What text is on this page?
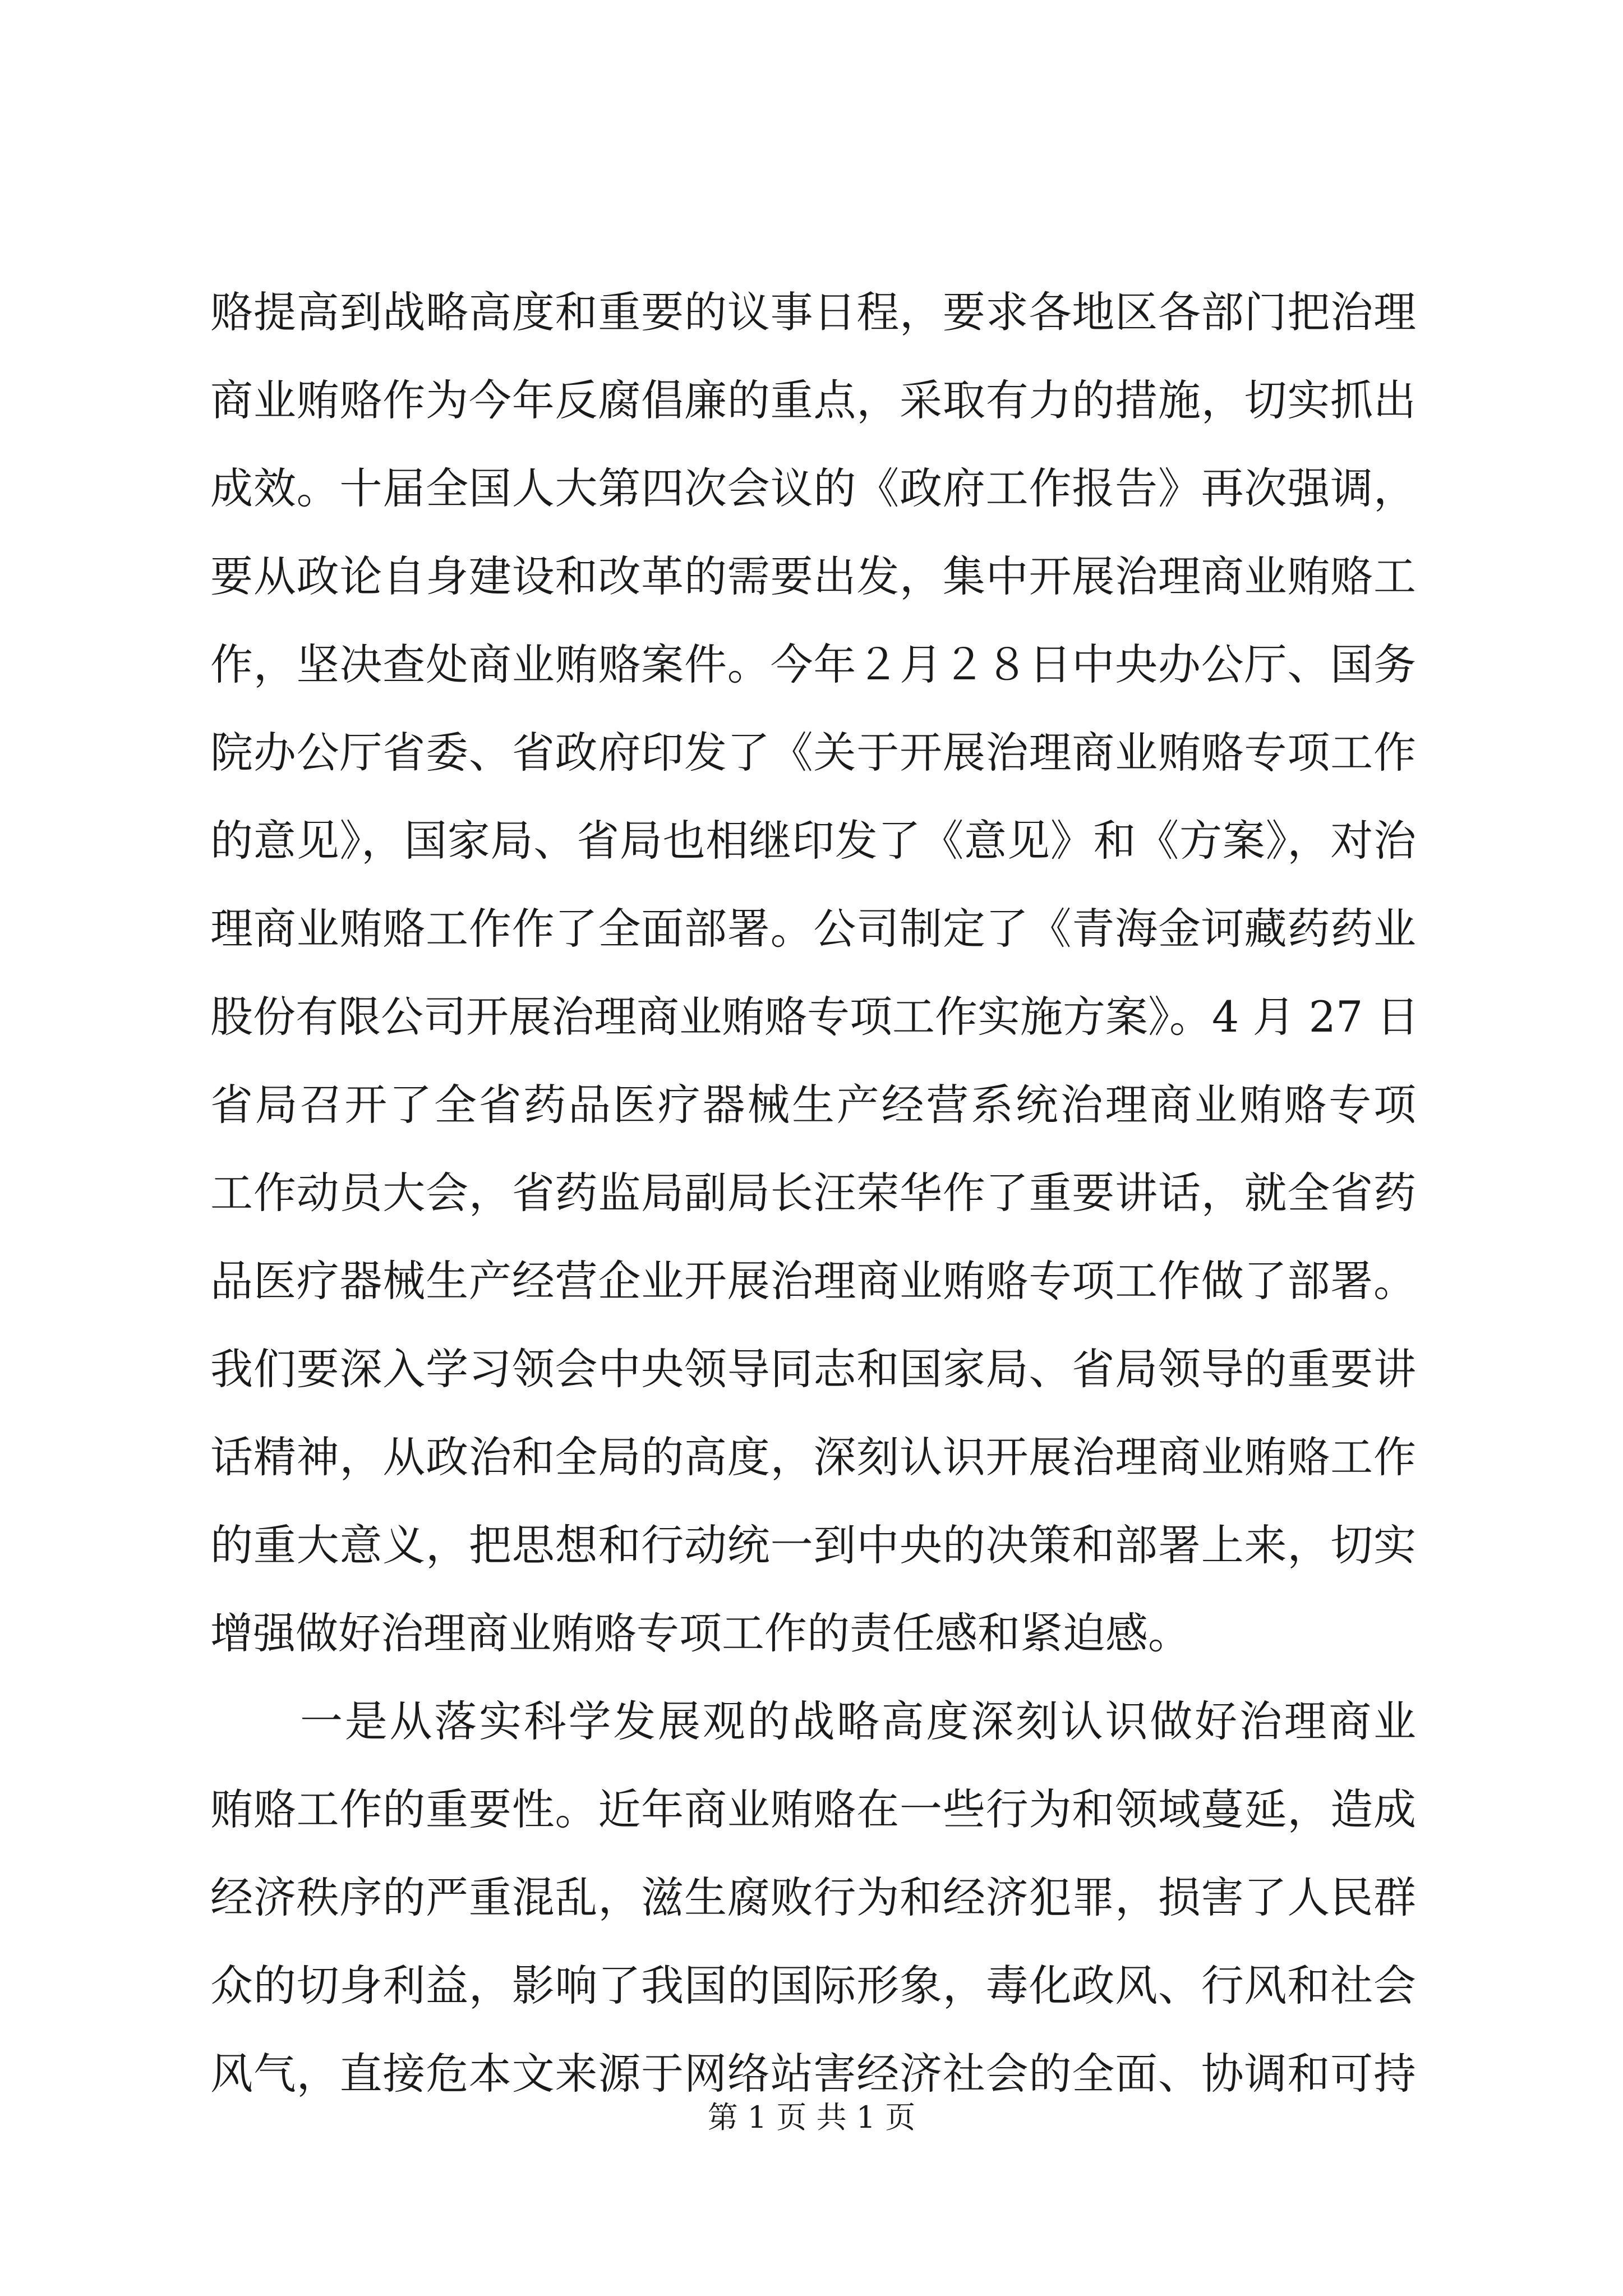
赂提高到战略高度和重要的议事日程，要求各地区各部门把治理
商业贿赂作为今年反腐倡廉的重点，采取有力的措施，切实抓出
成效。十届全国人大第四次会议的《政府工作报告》再次强调，
要从政论自身建设和改革的需要出发，集中开展治理商业贿赂工
作，坚决查处商业贿赂案件。今年２月２８日中央办公厅、国务
院办公厅省委、省政府印发了《关于开展治理商业贿赂专项工作
的意见》，国家局、省局也相继印发了《意见》和《方案》，对治
理商业贿赂工作作了全面部署。公司制定了《青海金诃藏药药业
股份有限公司开展治理商业贿赂专项工作实施方案》。4 月 27 日
省局召开了全省药品医疗器械生产经营系统治理商业贿赂专项
工作动员大会，省药监局副局长汪荣华作了重要讲话，就全省药
品医疗器械生产经营企业开展治理商业贿赂专项工作做了部署。
我们要深入学习领会中央领导同志和国家局、省局领导的重要讲
话精神，从政治和全局的高度，深刻认识开展治理商业贿赂工作
的重大意义，把思想和行动统一到中央的决策和部署上来，切实
增强做好治理商业贿赂专项工作的责任感和紧迫感。
一是从落实科学发展观的战略高度深刻认识做好治理商业
贿赂工作的重要性。近年商业贿赂在一些行为和领域蔓延，造成
经济秩序的严重混乱，滋生腐败行为和经济犯罪，损害了人民群
众的切身利益，影响了我国的国际形象，毒化政风、行风和社会
风气，直接危本文来源于网络站害经济社会的全面、协调和可持
第 1 页 共 1 页
